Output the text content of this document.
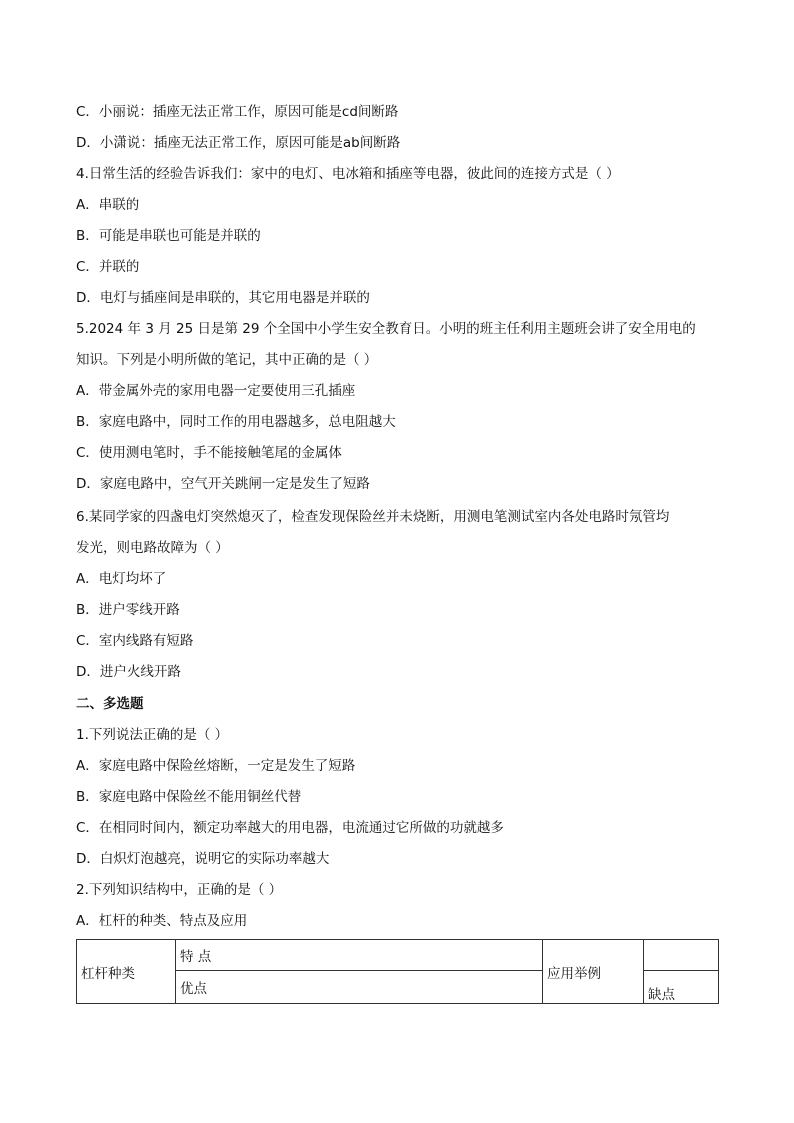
C．小丽说：插座无法正常工作，原因可能是cd间断路
D．小潇说：插座无法正常工作，原因可能是ab间断路
4.日常生活的经验告诉我们：家中的电灯、电冰箱和插座等电器，彼此间的连接方式是（ ）
A．串联的
B．可能是串联也可能是并联的
C．并联的
D．电灯与插座间是串联的，其它用电器是并联的
5.2024 年 3 月 25 日是第 29 个全国中小学生安全教育日。小明的班主任利用主题班会讲了安全用电的
知识。下列是小明所做的笔记，其中正确的是（ ）
A．带金属外壳的家用电器一定要使用三孔插座
B．家庭电路中，同时工作的用电器越多，总电阻越大
C．使用测电笔时，手不能接触笔尾的金属体
D．家庭电路中，空气开关跳闸一定是发生了短路
6.某同学家的四盏电灯突然熄灭了，检查发现保险丝并未烧断，用测电笔测试室内各处电路时氖管均
发光，则电路故障为（ ）
A．电灯均坏了
B．进户零线开路
C．室内线路有短路
D．进户火线开路
二、多选题
1.下列说法正确的是（ ）
A．家庭电路中保险丝熔断，一定是发生了短路
B．家庭电路中保险丝不能用铜丝代替
C．在相同时间内，额定功率越大的用电器，电流通过它所做的功就越多
D．白炽灯泡越亮，说明它的实际功率越大
2.下列知识结构中，正确的是（ ）
A．杠杆的种类、特点及应用
杠杆种类	特 点	应用举例	
	优点		缺点
